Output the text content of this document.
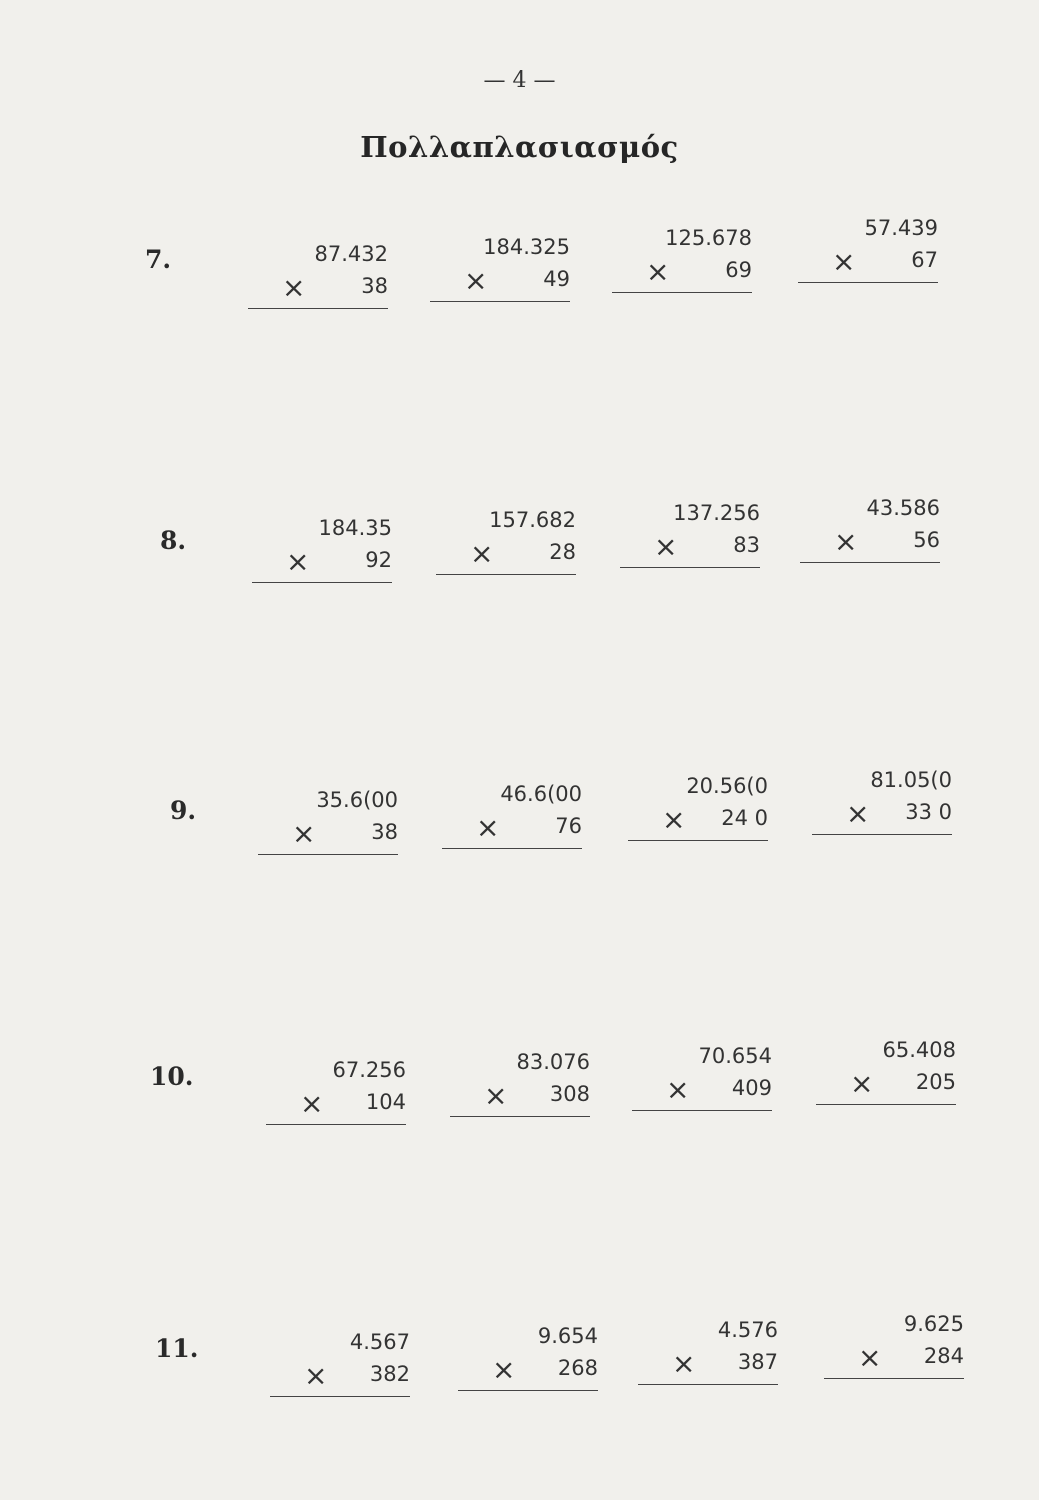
— 4 —
Πολλαπλασιασμός
7.	87.432
×	38
184.325
×	49
125.678
×	69
57.439
×	67
8.	184.35
×	92
157.682
×	28
137.256
×	83
43.586
×	56
9.	35.6(00
×	38
46.6(00
×	76
20.56(0
× 24 0
81.05(0
× 33 0
10.	67.256
× 104
83.076
× 308
70.654
× 409
65.408
× 205
11.	4.567
× 382
9.654
× 268
4.576
× 387
9.625
× 284
